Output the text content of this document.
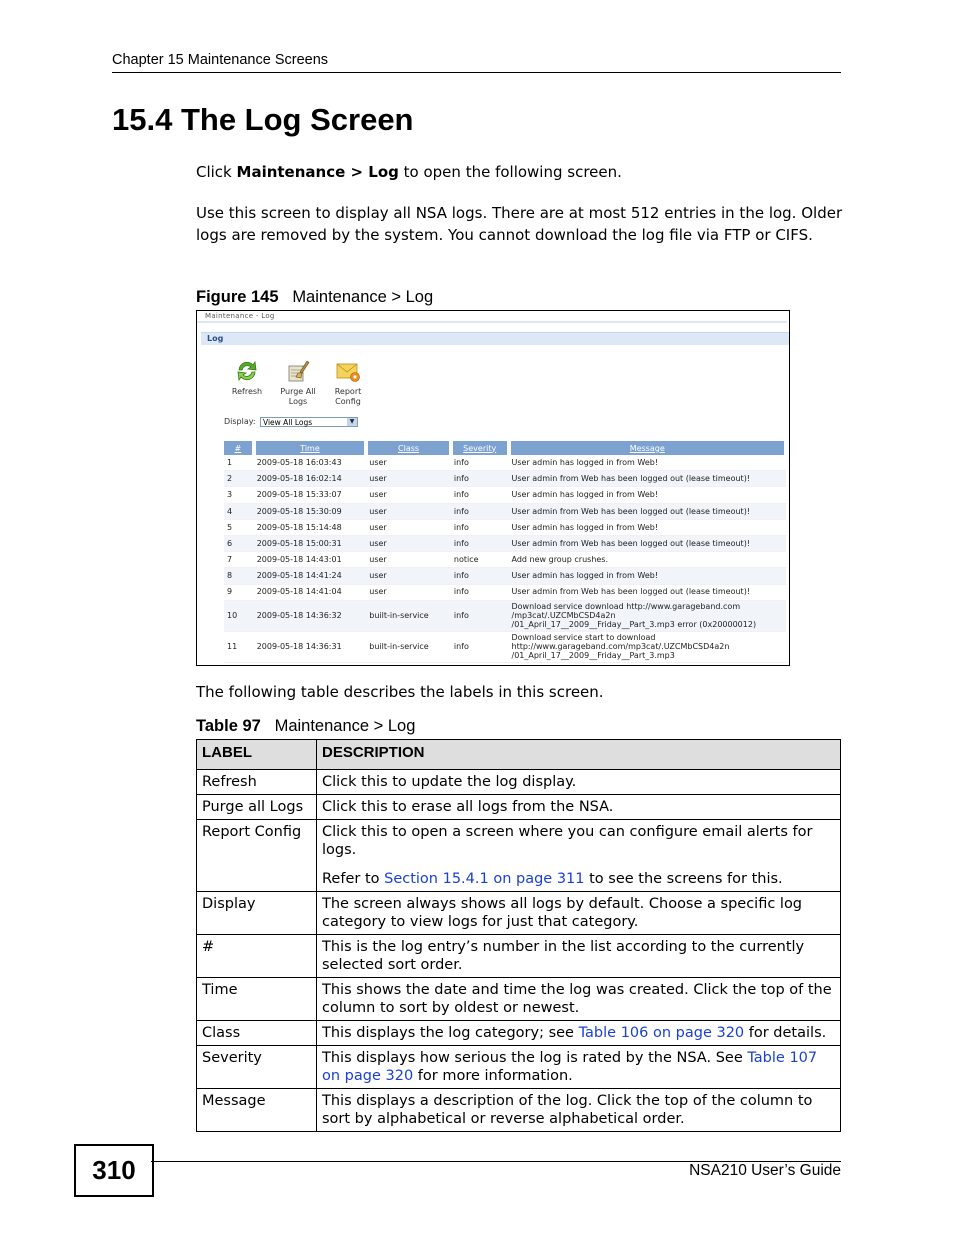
Chapter 15 Maintenance Screens
15.4 The Log Screen

Click Maintenance > Log to open the following screen.

Use this screen to display all NSA logs. There are at most 512 entries in the log. Older logs are removed by the system. You cannot download the log file via FTP or CIFS.

Figure 145 Maintenance > Log
Maintenance - Log
Log
Refresh	Purge All
Logs
Report
Config
Display: View All Logs	▼
#	Time	Class	Severity	Message
1	2009-05-18 16:03:43	user	info	User admin has logged in from Web!

2	2009-05-18 16:02:14	user	info	User admin from Web has been logged out (lease timeout)!

3	2009-05-18 15:33:07	user	info	User admin has logged in from Web!

4	2009-05-18 15:30:09	user	info	User admin from Web has been logged out (lease timeout)!

5	2009-05-18 15:14:48	user	info	User admin has logged in from Web!

6	2009-05-18 15:00:31	user	info	User admin from Web has been logged out (lease timeout)!

7	2009-05-18 14:43:01	user	notice	Add new group crushes.

8	2009-05-18 14:41:24	user	info	User admin has logged in from Web!

9	2009-05-18 14:41:04	user	info	User admin from Web has been logged out (lease timeout)!

10	2009-05-18 14:36:32	built-in-service	info	Download service download http://www.garageband.com
/mp3cat/.UZCMbCSD4a2n
/01_April_17__2009__Friday__Part_3.mp3 error (0x20000012)

11	2009-05-18 14:36:31	built-in-service	info	Download service start to download
http://www.garageband.com/mp3cat/.UZCMbCSD4a2n
/01_April_17__2009__Friday__Part_3.mp3

The following table describes the labels in this screen.

Table 97 Maintenance > Log
LABEL	DESCRIPTION
Refresh	Click this to update the log display.
Purge all Logs	Click this to erase all logs from the NSA.
Report Config	Click this to open a screen where you can configure email alerts for logs.
Refer to Section 15.4.1 on page 311 to see the screens for this.

Display	The screen always shows all logs by default. Choose a specific log category to view logs for just that category.
#	This is the log entry’s number in the list according to the currently selected sort order.
Time	This shows the date and time the log was created. Click the top of the column to sort by oldest or newest.
Class	This displays the log category; see Table 106 on page 320 for details.
Severity	This displays how serious the log is rated by the NSA. See Table 107 on page 320 for more information.
Message	This displays a description of the log. Click the top of the column to sort by alphabetical or reverse alphabetical order.
310	NSA210 User’s Guide
